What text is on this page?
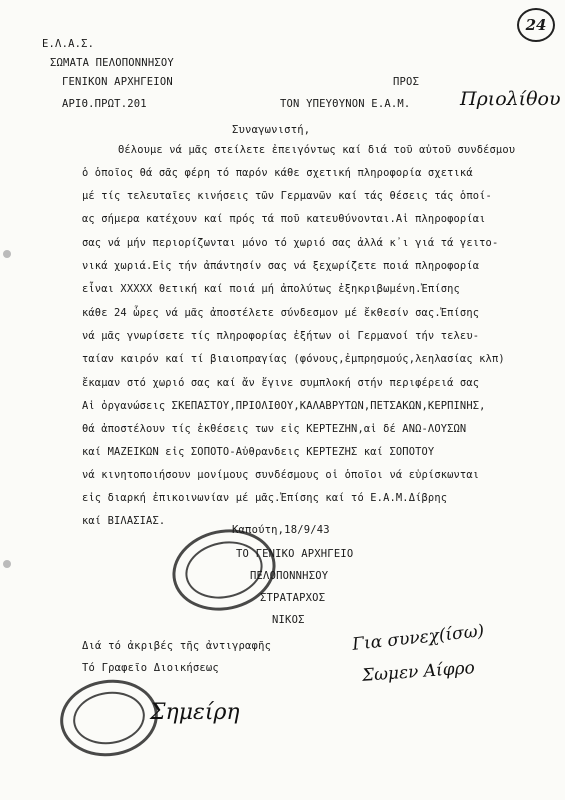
24
Ε.Λ.Α.Σ.
ΣΩΜΑΤΑ ΠΕΛΟΠΟΝΝΗΣΟΥ
ΓΕΝΙΚΟΝ ΑΡΧΗΓΕΙΟΝ	ΠΡΟΣ
ΑΡΙΘ.ΠΡΩΤ.201	ΤΟΝ ΥΠΕΥΘΥΝΟΝ Ε.Α.Μ.	Πριολίθου
Συναγωνιστή,
Θέλουμε νά μᾶς στείλετε ἐπειγόντως καί διά τοῦ αὐτοῦ συνδέσμου
ὁ ὁποῖος θά σᾶς φέρη τό παρόν κάθε σχετική πληροφορία σχετικά
μέ τίς τελευταῖες κινήσεις τῶν Γερμανῶν καί τάς θέσεις τάς ὁποί-
ας σήμερα κατέχουν καί πρός τά ποῦ κατευθύνονται.Αἱ πληροφορίαι
σας νά μήν περιορίζωνται μόνο τό χωριό σας ἀλλά κ᾽ι γιά τά γειτο-
νικά χωριά.Εἰς τήν ἀπάντησίν σας νά ξεχωρίζετε ποιά πληροφορία
εἶναι ΧΧΧΧΧ θετική καί ποιά μή ἀπολύτως ἐξηκριβωμένη.Ἐπίσης
κάθε 24 ὧρες νά μᾶς ἀποστέλετε σύνδεσμον μέ ἔκθεσίν σας.Ἐπίσης
νά μᾶς γνωρίσετε τίς πληροφορίας ἐξήτων οἱ Γερμανοί τήν τελευ-
ταίαν καιρόν καί τί βιαιοπραγίας (φόνους,ἐμπρησμούς,λεηλασίας κλπ)
ἔκαμαν στό χωριό σας καί ἄν ἔγινε συμπλοκή στήν περιφέρειά σας
Αἱ ὀργανώσεις ΣΚΕΠΑΣΤΟΥ,ΠΡΙΟΛΙΘΟΥ,ΚΑΛΑΒΡΥΤΩΝ,ΠΕΤΣΑΚΩΝ,ΚΕΡΠΙΝΗΣ,
θά ἀποστέλουν τίς ἐκθέσεις των εἰς ΚΕΡΤΕΖΗΝ,αἱ δέ ΑΝΩ-ΛΟΥΣΩΝ
καί ΜΑΖΕΙΚΩΝ εἰς ΣΟΠΟΤΟ-Αὐθρανδεις ΚΕΡΤΕΖΗΣ καί ΣΟΠΟΤΟΥ
νά κινητοποιήσουν μονίμους συνδέσμους οἱ ὁποῖοι νά εὑρίσκωνται
εἰς διαρκή ἐπικοινωνίαν μέ μᾶς.Ἐπίσης καί τό Ε.Α.Μ.Δίβρης
καί ΒΙΛΑΣΙΑΣ.
Καπούτη,18/9/43
ΤΟ ΓΕΝΙΚΟ ΑΡΧΗΓΕΙΟ
ΠΕΛΟΠΟΝΝΗΣΟΥ
ΣΤΡΑΤΑΡΧΟΣ
ΝΙΚΟΣ
Διά τό ἀκριβές τῆς ἀντιγραφῆς
Τό Γραφεῖο Διοικήσεως
Σημείρη
Για συνεχ(ίσω)
Σωμεν Αίφρο
